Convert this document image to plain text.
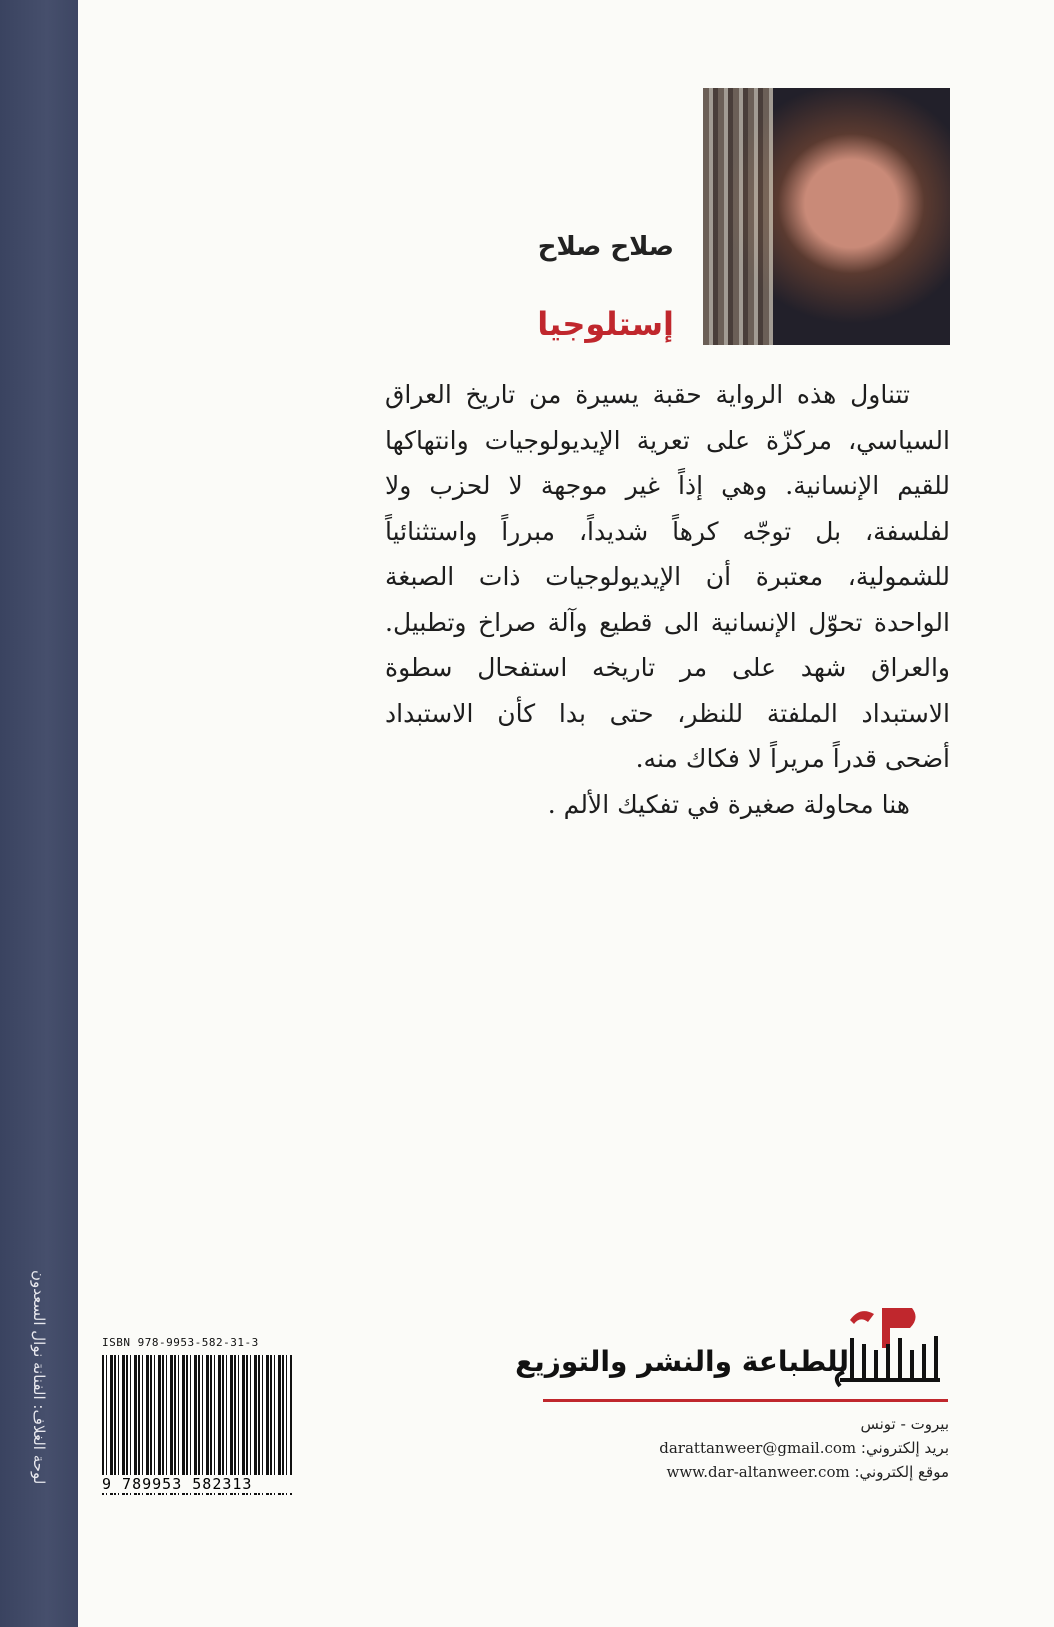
لوحة الغلاف: الفنانة نوال السعدون
صلاح صلاح
إستلوجيا
تتناول هذه الرواية حقبة يسيرة من تاريخ العراق
السياسي، مركزّة على تعرية الإيديولوجيات وانتهاكها
للقيم الإنسانية. وهي إذاً غير موجهة لا لحزب ولا
لفلسفة، بل توجّه كرهاً شديداً، مبرراً واستثنائياً
للشمولية، معتبرة أن الإيديولوجيات ذات الصبغة
الواحدة تحوّل الإنسانية الى قطيع وآلة صراخ وتطبيل.
والعراق شهد على مر تاريخه استفحال سطوة
الاستبداد الملفتة للنظر، حتى بدا كأن الاستبداد
أضحى قدراً مريراً لا فكاك منه.
هنا محاولة صغيرة في تفكيك الألم .
ISBN 978-9953-582-31-3
9 789953 582313
للطباعة والنشر والتوزيع
بيروت - تونس
بريد إلكتروني: darattanweer@gmail.com
موقع إلكتروني: www.dar-altanweer.com
